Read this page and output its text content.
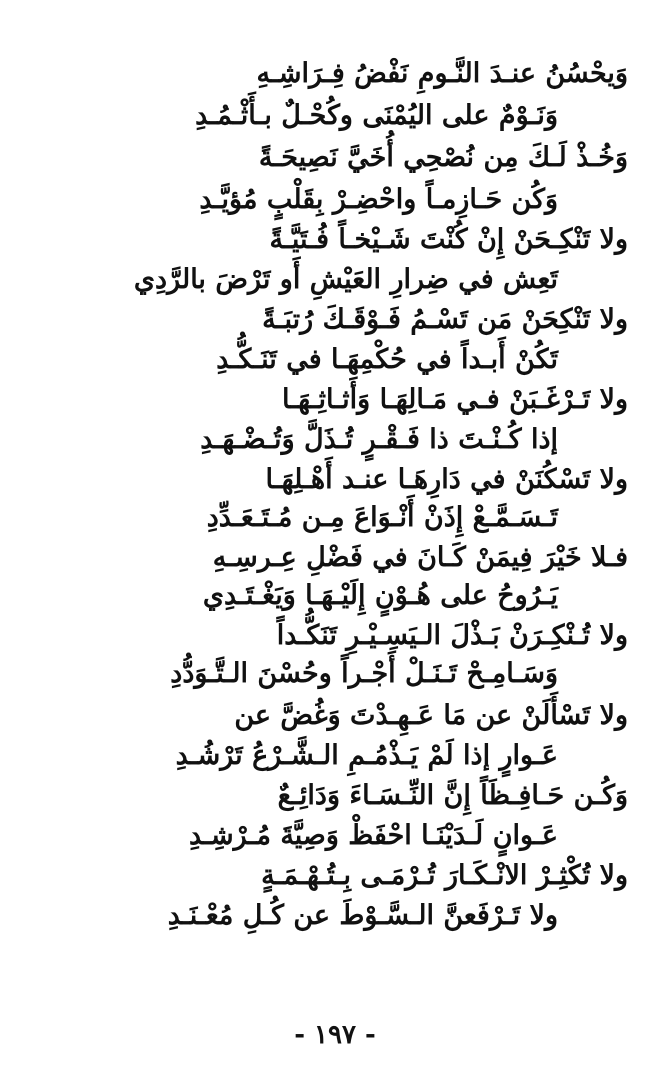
وَيحْسُنُ عنـدَ النَّـومِ نَفْضُ فِـرَاشِـهِ
وَنَـوْمٌ على اليُمْنَى وكُحْـلٌ بـأَثْـمُـدِ
وَخُـذْ لَـكَ مِن نُصْحِي أُخَيَّ نَصِيحَـةً
وَكُن حَـازِمـاً واحْضِـرْ بِقَلْبٍ مُؤيَّـدِ
ولا تَنْكِـحَنْ إِنْ كُنْتَ شَـيْخـاً فُـتَيَّـةً
تَعِش في ضِرارِ العَيْشِ أَو تَرْضَ بالرَّدِي
ولا تَنْكِحَنْ مَن تَسْـمُ فَـوْقَـكَ رُتبَـةً
تَكُنْ أَبـداً في حُكْمِهَـا في تَنَـكُّـدِ
ولا تَـرْغَـبَنْ فـي مَـالِهَـا وَأَثـاثِـهَـا
إذا كُـنْـتَ ذا فَـقْـرٍ تُـذَلَّ وَتُـضْـهَـدِ
ولا تَسْكُنَنْ في دَارِهَـا عنـد أَهْـلِهَـا
تَـسَـمَّـعْ إِذَنْ أَنْـوَاعَ مِـن مُـتَـعَـدِّدِ
فـلا خَيْرَ فِيمَنْ كَـانَ في فَضْلِ عِـرسِـهِ
يَـرُوحُ على هُـوْنٍ إِلَيْـهَـا وَيَغْـتَـدِي
ولا تُـنْكِـرَنْ بَـذْلَ الـيَسِـيْـرِ تَنَكُّـداً
وَسَـامِـحْ تَـنَـلْ أَجْـراً وحُسْنَ الـتَّـوَدُّدِ
ولا تَسْأَلَنْ عن مَا عَـهِـدْتَ وَغُضَّ عن
عَـوارٍ إذا لَمْ يَـذْمُـمِ الـشَّـرْعُ تَرْشُـدِ
وَكُـن حَـافِـظَاً إِنَّ النِّـسَـاءَ وَدَائِـعٌ
عَـوانٍ لَـدَيْنَـا احْفَظْ وَصِيَّةَ مُـرْشِـدِ
ولا تُكْثِـرْ الانْـكَـارَ تُـرْمَـى بِـتُـهْـمَـةٍ
ولا تَـرْفَعنَّ الـسَّـوْطَ عن كُـلِ مُعْـنَـدِ
- ١٩٧ -
